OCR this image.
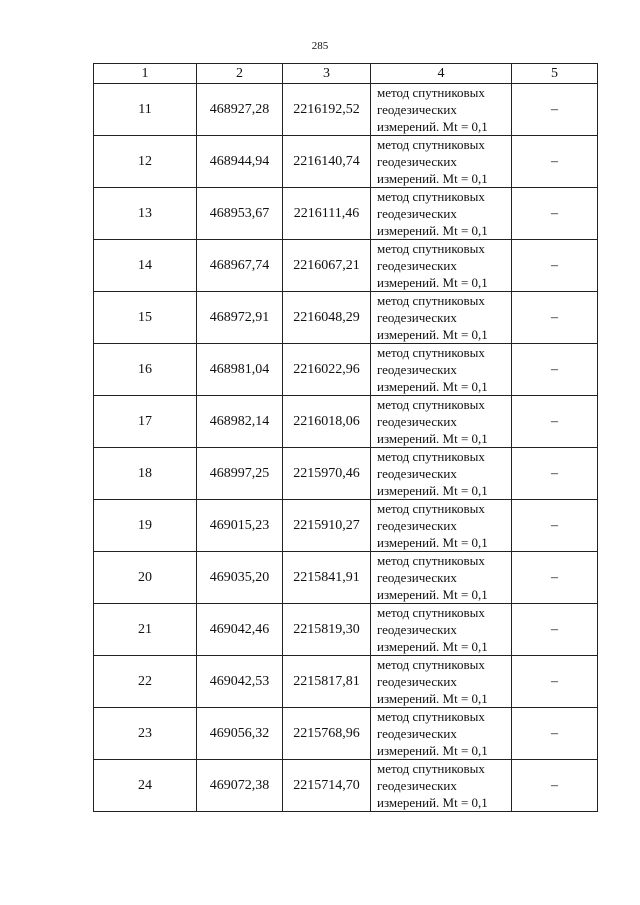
285
1	2	3	4	5
11	468927,28	2216192,52	метод спутниковых
геодезических
измерений. Mt = 0,1	–
12	468944,94	2216140,74	метод спутниковых
геодезических
измерений. Mt = 0,1	–
13	468953,67	2216111,46	метод спутниковых
геодезических
измерений. Mt = 0,1	–
14	468967,74	2216067,21	метод спутниковых
геодезических
измерений. Mt = 0,1	–
15	468972,91	2216048,29	метод спутниковых
геодезических
измерений. Mt = 0,1	–
16	468981,04	2216022,96	метод спутниковых
геодезических
измерений. Mt = 0,1	–
17	468982,14	2216018,06	метод спутниковых
геодезических
измерений. Mt = 0,1	–
18	468997,25	2215970,46	метод спутниковых
геодезических
измерений. Mt = 0,1	–
19	469015,23	2215910,27	метод спутниковых
геодезических
измерений. Mt = 0,1	–
20	469035,20	2215841,91	метод спутниковых
геодезических
измерений. Mt = 0,1	–
21	469042,46	2215819,30	метод спутниковых
геодезических
измерений. Mt = 0,1	–
22	469042,53	2215817,81	метод спутниковых
геодезических
измерений. Mt = 0,1	–
23	469056,32	2215768,96	метод спутниковых
геодезических
измерений. Mt = 0,1	–
24	469072,38	2215714,70	метод спутниковых
геодезических
измерений. Mt = 0,1	–
